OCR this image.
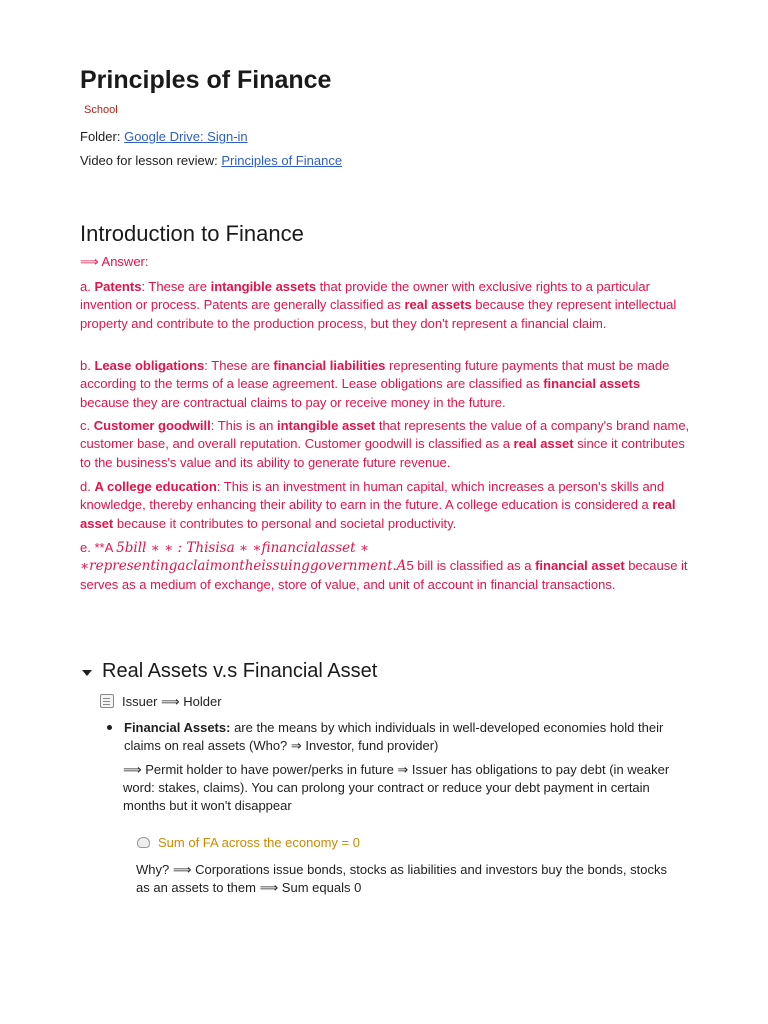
Principles of Finance
School
Folder: Google Drive: Sign-in
Video for lesson review: Principles of Finance
Introduction to Finance
⟹ Answer:
a. Patents: These are intangible assets that provide the owner with exclusive rights to a particular invention or process. Patents are generally classified as real assets because they represent intellectual property and contribute to the production process, but they don't represent a financial claim.
b. Lease obligations: These are financial liabilities representing future payments that must be made according to the terms of a lease agreement. Lease obligations are classified as financial assets because they are contractual claims to pay or receive money in the future.
c. Customer goodwill: This is an intangible asset that represents the value of a company's brand name, customer base, and overall reputation. Customer goodwill is classified as a real asset since it contributes to the business's value and its ability to generate future revenue.
d. A college education: This is an investment in human capital, which increases a person's skills and knowledge, thereby enhancing their ability to earn in the future. A college education is considered a real asset because it contributes to personal and societal productivity.
e. **A 5bill ∗ ∗ : Thisisa ∗ ∗financialasset ∗
∗representingaclaimontheissuinggovernment.A5 bill is classified as a financial asset because it serves as a medium of exchange, store of value, and unit of account in financial transactions.
Real Assets v.s Financial Asset
Issuer ⟹ Holder
Financial Assets: are the means by which individuals in well-developed economies hold their claims on real assets (Who? ⇒ Investor, fund provider)
⟹ Permit holder to have power/perks in future ⇒ Issuer has obligations to pay debt (in weaker word: stakes, claims). You can prolong your contract or reduce your debt payment in certain months but it won't disappear
Sum of FA across the economy = 0
Why? ⟹ Corporations issue bonds, stocks as liabilities and investors buy the bonds, stocks as an assets to them ⟹ Sum equals 0
